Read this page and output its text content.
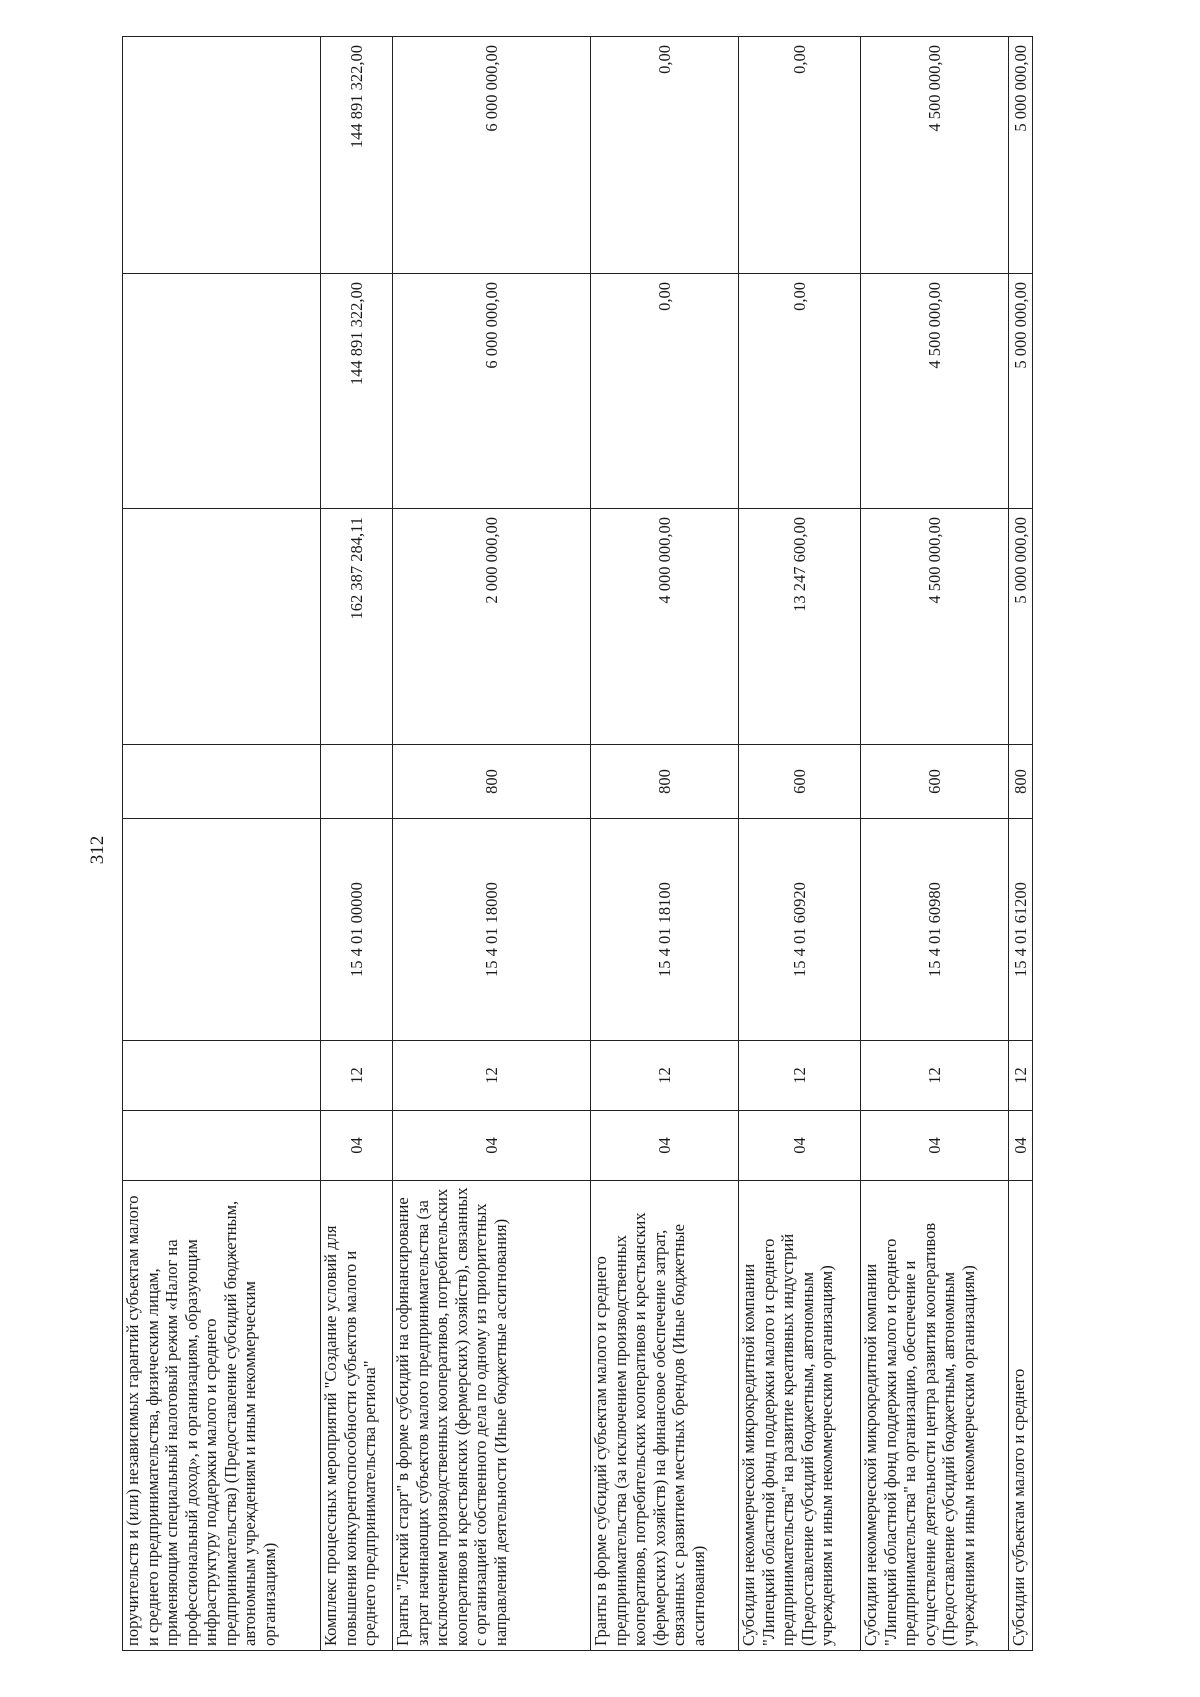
312
поручительств и (или) независимых гарантий субъектам малого и среднего предпринимательства, физическим лицам, применяющим специальный налоговый режим «Налог на профессиональный доход», и организациям, образующим инфраструктуру поддержки малого и среднего предпринимательства) (Предоставление субсидий бюджетным, автономным учреждениям и иным некоммерческим организациям)							
Комплекс процессных мероприятий "Создание условий для повышения конкурентоспособности субъектов малого и среднего предпринимательства региона"	04	12	15 4 01 00000		162 387 284,11	144 891 322,00	144 891 322,00
Гранты "Легкий старт" в форме субсидий на софинансирование затрат начинающих субъектов малого предпринимательства (за исключением производственных кооперативов, потребительских кооперативов и крестьянских (фермерских) хозяйств), связанных с организацией собственного дела по одному из приоритетных направлений деятельности (Иные бюджетные ассигнования)	04	12	15 4 01 18000	800	2 000 000,00	6 000 000,00	6 000 000,00
Гранты в форме субсидий субъектам малого и среднего предпринимательства (за исключением производственных кооперативов, потребительских кооперативов и крестьянских (фермерских) хозяйств) на финансовое обеспечение затрат, связанных с развитием местных брендов (Иные бюджетные ассигнования)	04	12	15 4 01 18100	800	4 000 000,00	0,00	0,00
Субсидии некоммерческой микрокредитной компании "Липецкий областной фонд поддержки малого и среднего предпринимательства" на развитие креативных индустрий (Предоставление субсидий бюджетным, автономным учреждениям и иным некоммерческим организациям)	04	12	15 4 01 60920	600	13 247 600,00	0,00	0,00
Субсидии некоммерческой микрокредитной компании "Липецкий областной фонд поддержки малого и среднего предпринимательства" на организацию, обеспечение и осуществление деятельности центра развития кооперативов (Предоставление субсидий бюджетным, автономным учреждениям и иным некоммерческим организациям)	04	12	15 4 01 60980	600	4 500 000,00	4 500 000,00	4 500 000,00
Субсидии субъектам малого и среднего	04	12	15 4 01 61200	800	5 000 000,00	5 000 000,00	5 000 000,00
